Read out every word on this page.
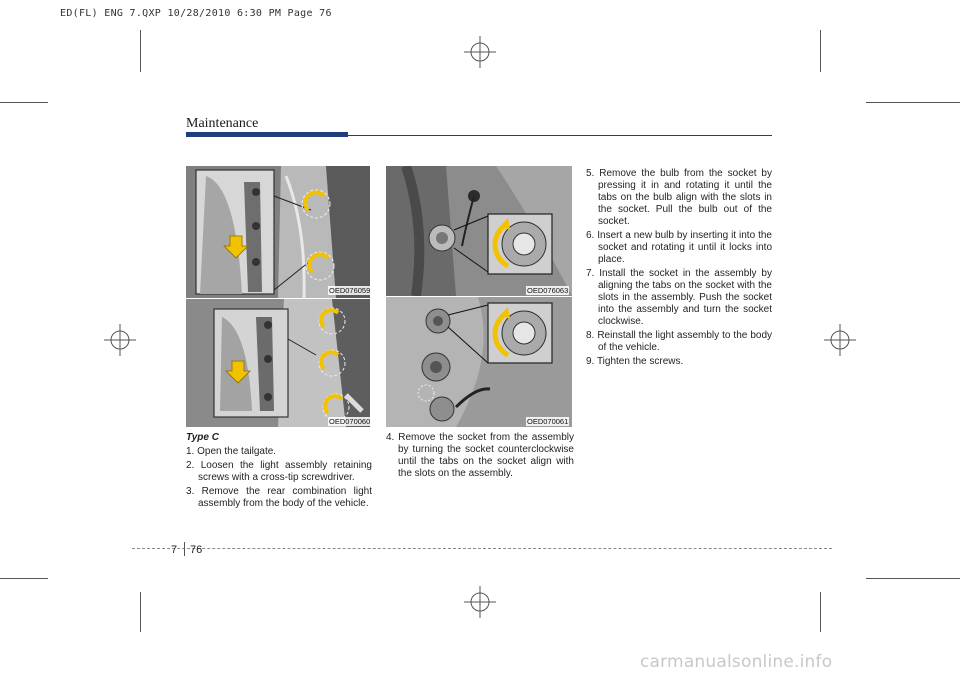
ED(FL) ENG 7.QXP 10/28/2010 6:30 PM Page 76
Maintenance
OED076059
OED070060
OED076063
OED070061

Type C

1. Open the tailgate.

2. Loosen the light assembly retaining screws with a cross-tip screwdriver.

3. Remove the rear combination light assembly from the body of the vehicle.

4. Remove the socket from the assembly by turning the socket counterclockwise until the tabs on the socket align with the slots on the assembly.

5. Remove the bulb from the socket by pressing it in and rotating it until the tabs on the bulb align with the slots in the socket. Pull the bulb out of the socket.

6. Insert a new bulb by inserting it into the socket and rotating it until it locks into place.

7. Install the socket in the assembly by aligning the tabs on the socket with the slots in the assembly. Push the socket into the assembly and turn the socket clockwise.

8. Reinstall the light assembly to the body of the vehicle.

9. Tighten the screws.

7 76
carmanualsonline.info
